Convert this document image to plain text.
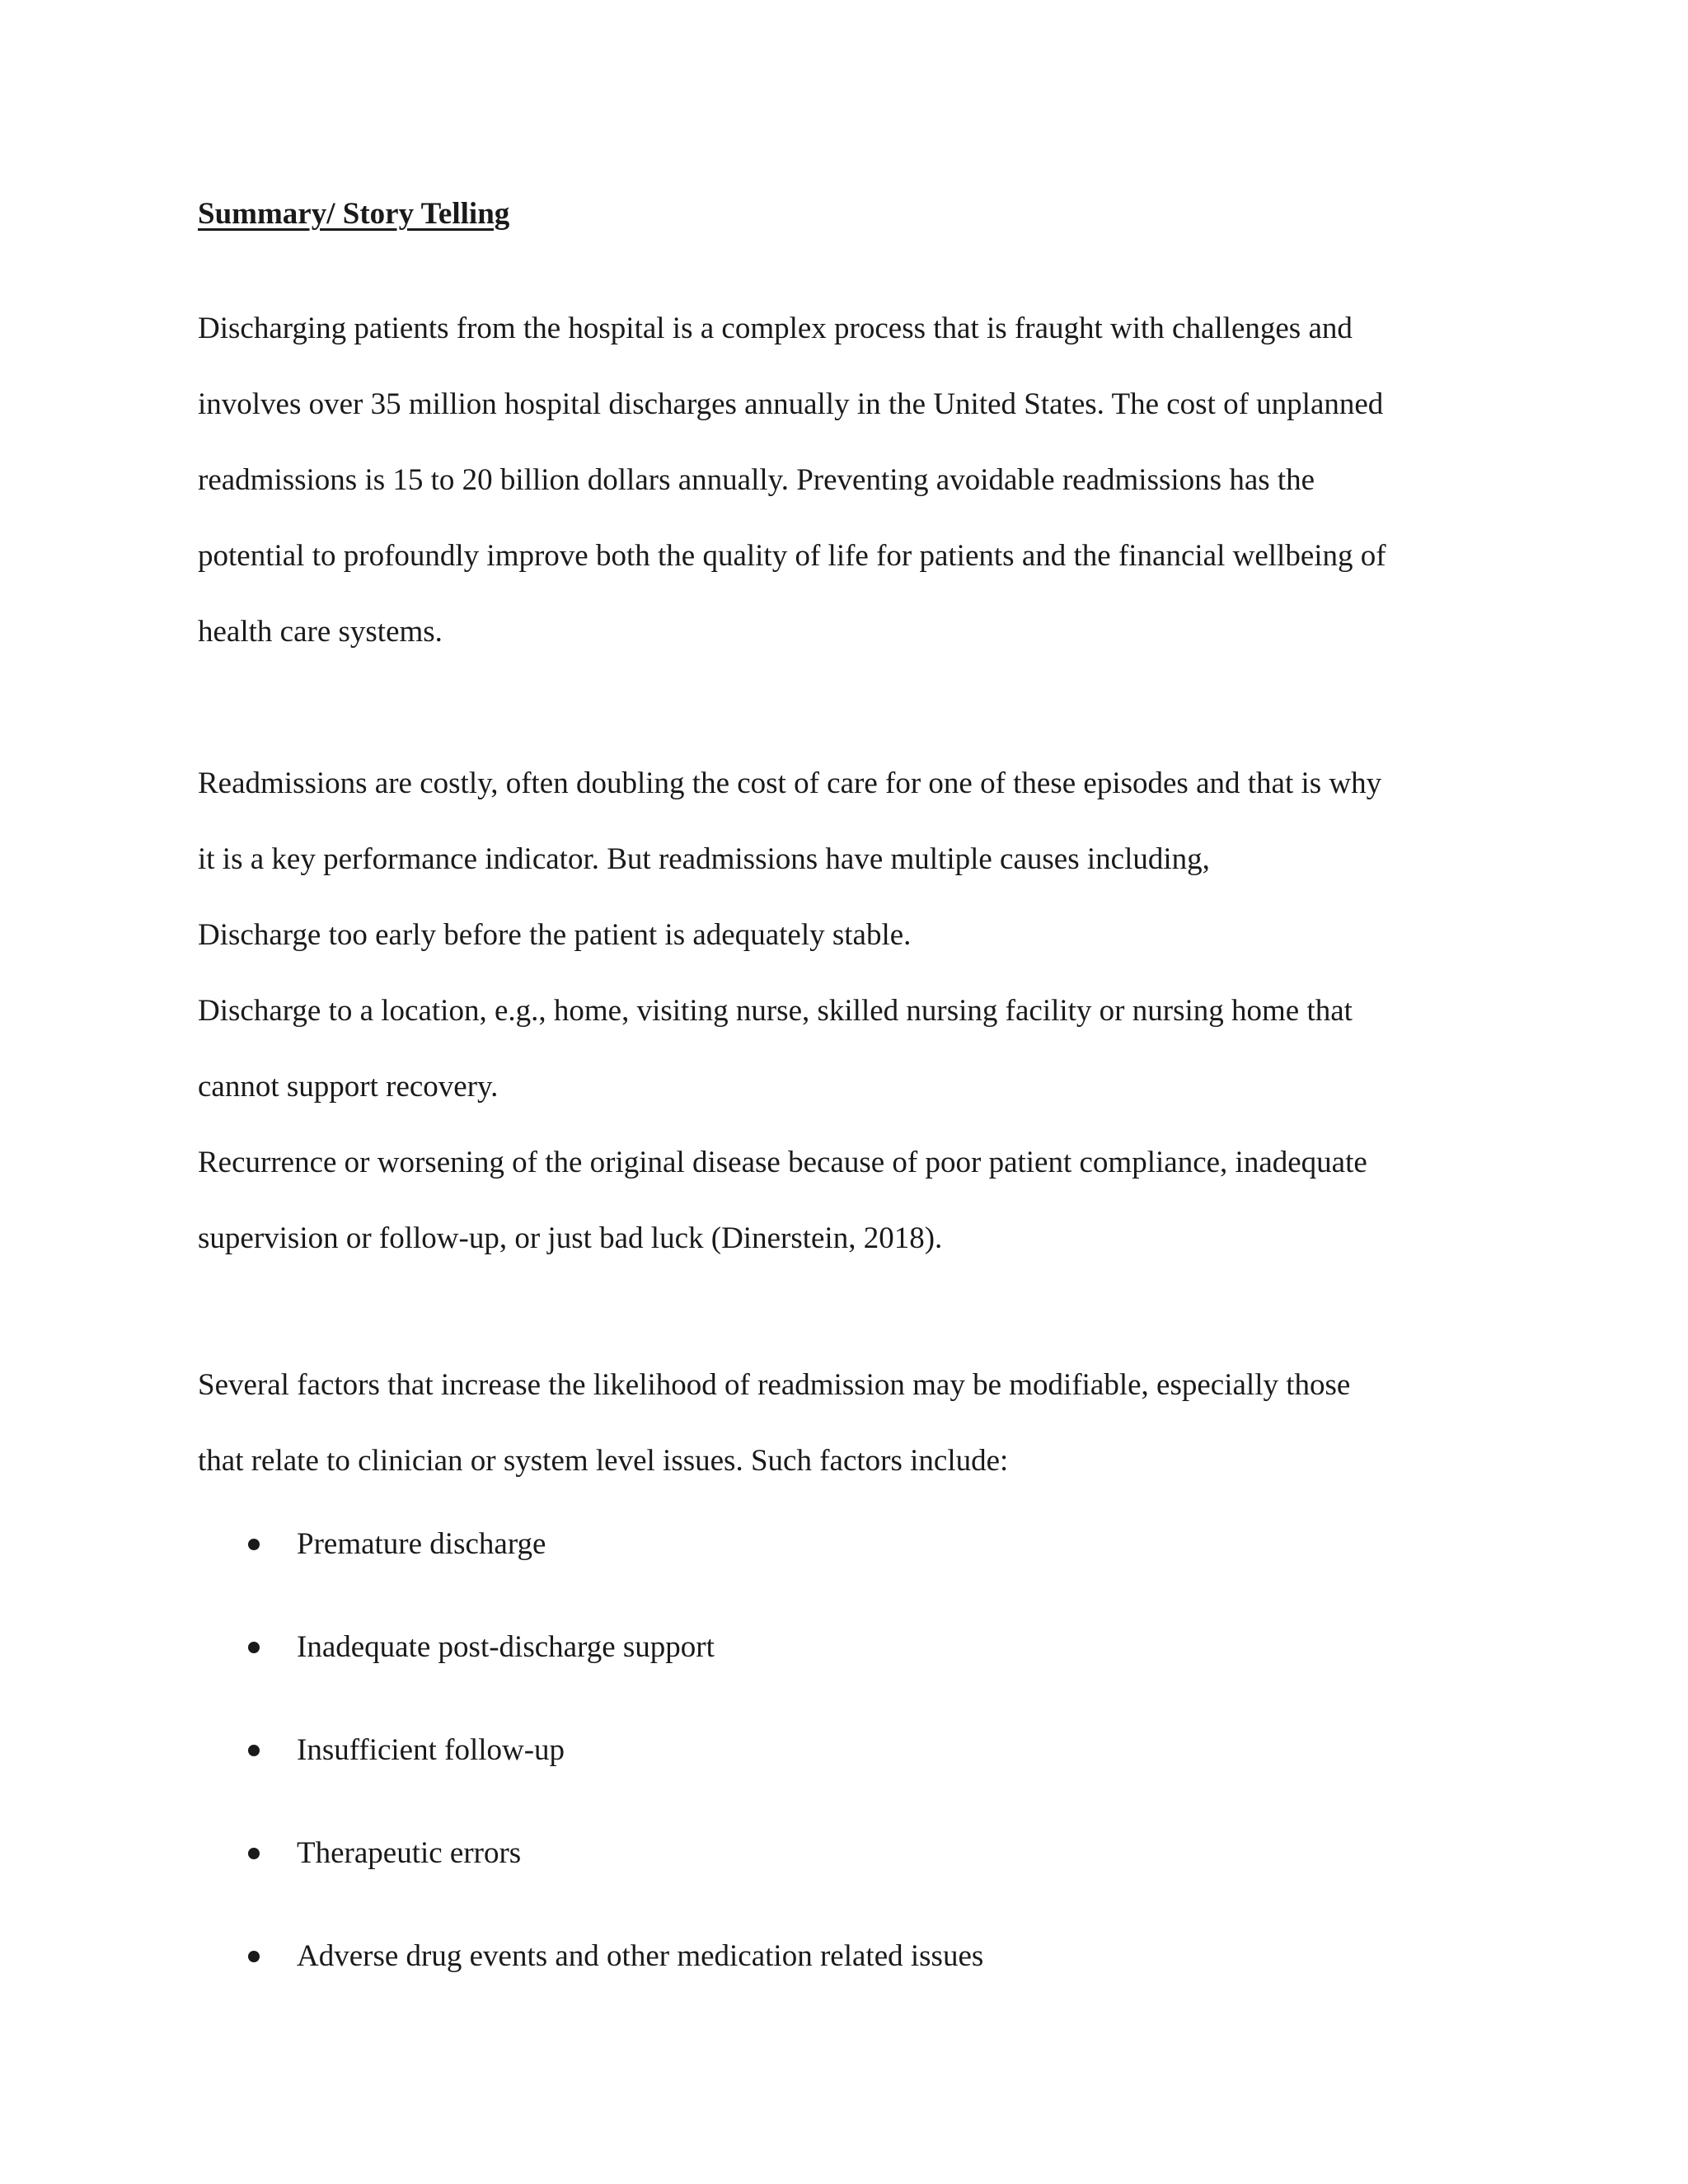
Summary/ Story Telling

Discharging patients from the hospital is a complex process that is fraught with challenges and
involves over 35 million hospital discharges annually in the United States. The cost of unplanned
readmissions is 15 to 20 billion dollars annually. Preventing avoidable readmissions has the
potential to profoundly improve both the quality of life for patients and the financial wellbeing of
health care systems.

Readmissions are costly, often doubling the cost of care for one of these episodes and that is why
it is a key performance indicator. But readmissions have multiple causes including,
Discharge too early before the patient is adequately stable.
Discharge to a location, e.g., home, visiting nurse, skilled nursing facility or nursing home that
cannot support recovery.
Recurrence or worsening of the original disease because of poor patient compliance, inadequate
supervision or follow-up, or just bad luck (Dinerstein, 2018).

Several factors that increase the likelihood of readmission may be modifiable, especially those
that relate to clinician or system level issues. Such factors include:

Premature discharge
Inadequate post-discharge support
Insufficient follow-up
Therapeutic errors
Adverse drug events and other medication related issues
